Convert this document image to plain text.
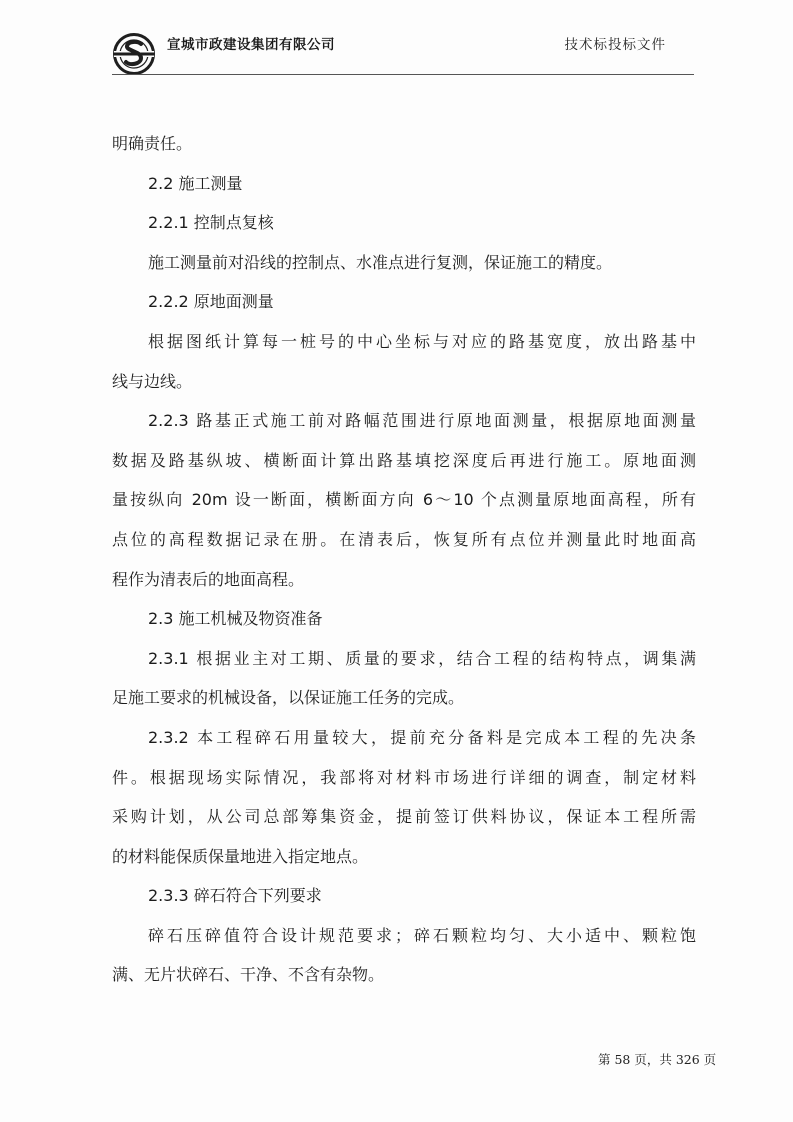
宣城市政建设集团有限公司	技术标投标文件
明确责任。
2.2 施工测量
2.2.1 控制点复核
施工测量前对沿线的控制点、水准点进行复测，保证施工的精度。
2.2.2 原地面测量
根据图纸计算每一桩号的中心坐标与对应的路基宽度，放出路基中
线与边线。
2.2.3 路基正式施工前对路幅范围进行原地面测量，根据原地面测量
数据及路基纵坡、横断面计算出路基填挖深度后再进行施工。原地面测
量按纵向 20m 设一断面，横断面方向 6～10 个点测量原地面高程，所有
点位的高程数据记录在册。在清表后，恢复所有点位并测量此时地面高
程作为清表后的地面高程。
2.3 施工机械及物资准备
2.3.1 根据业主对工期、质量的要求，结合工程的结构特点，调集满
足施工要求的机械设备，以保证施工任务的完成。
2.3.2 本工程碎石用量较大，提前充分备料是完成本工程的先决条
件。根据现场实际情况，我部将对材料市场进行详细的调查，制定材料
采购计划，从公司总部筹集资金，提前签订供料协议，保证本工程所需
的材料能保质保量地进入指定地点。
2.3.3 碎石符合下列要求
碎石压碎值符合设计规范要求；碎石颗粒均匀、大小适中、颗粒饱
满、无片状碎石、干净、不含有杂物。
第 58 页，共 326 页
